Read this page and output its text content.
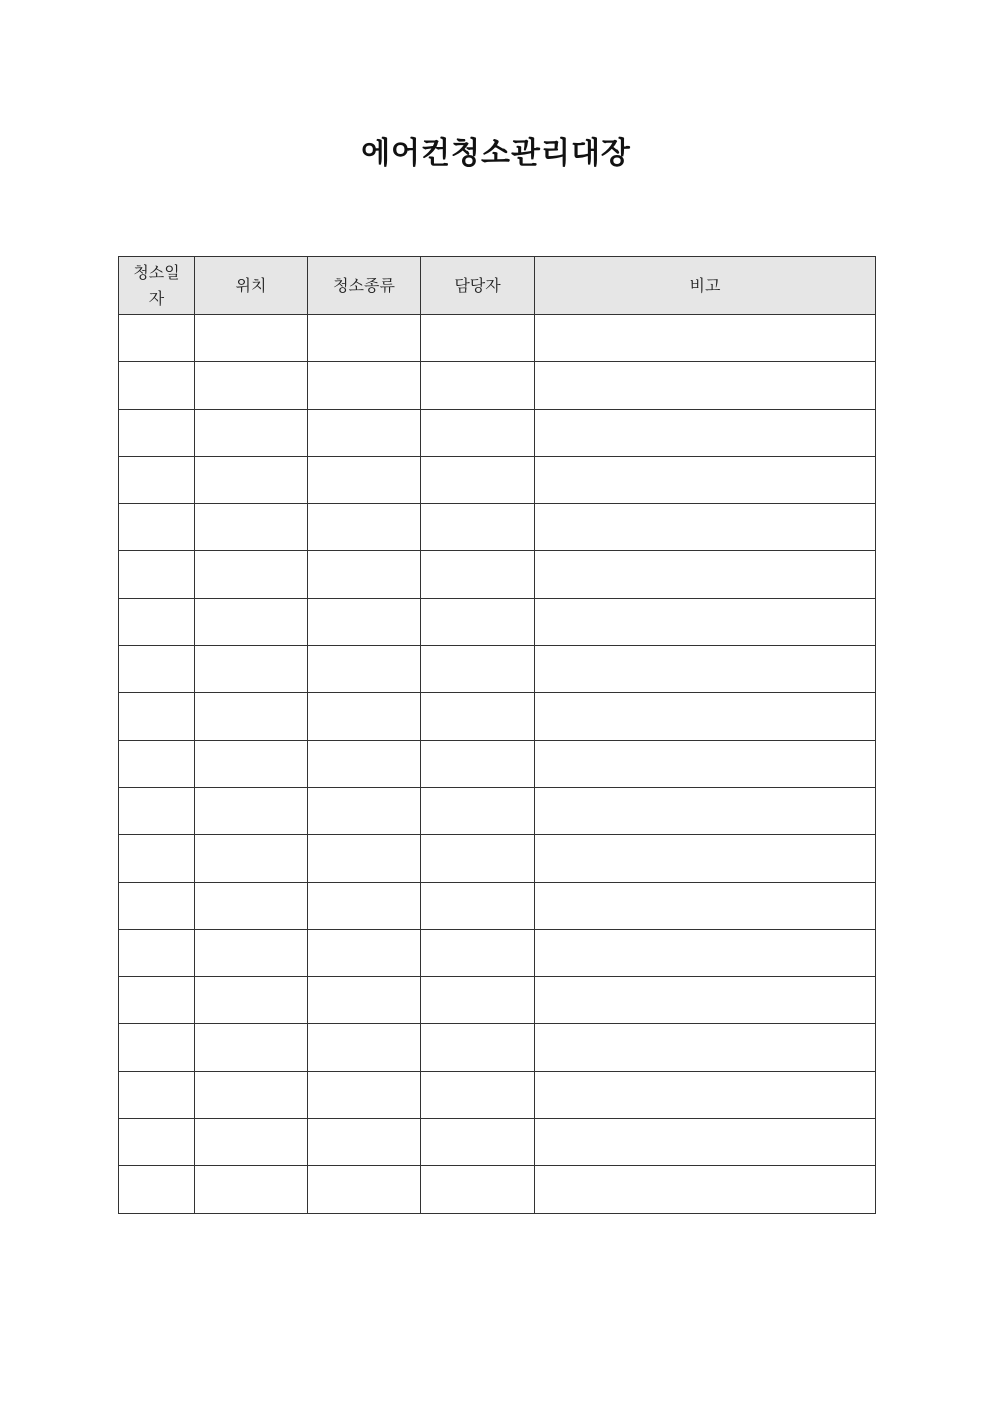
에어컨청소관리대장
청소일자	위치	청소종류	담당자	비고
